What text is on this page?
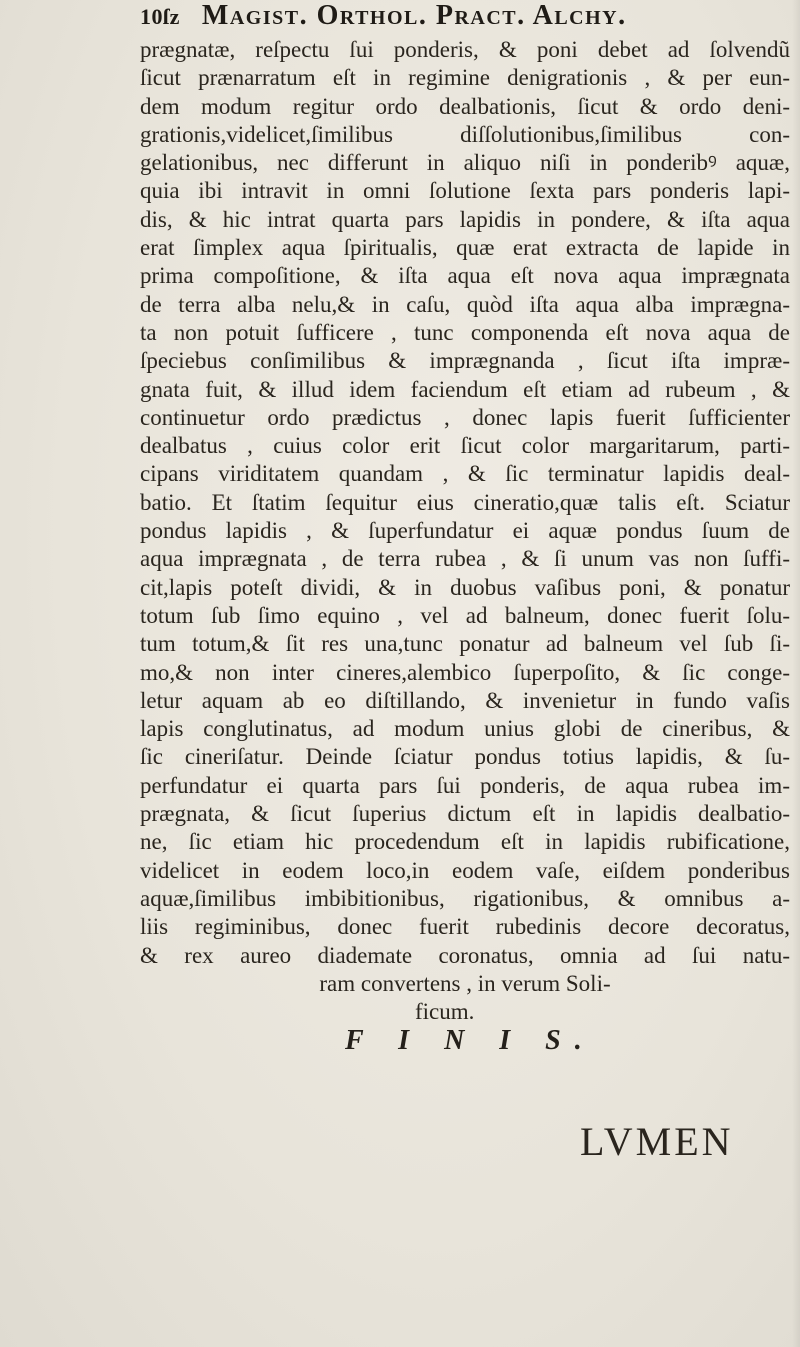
10ſz Magist. Orthol. Pract. Alchy.
prægnatæ, reſpectu ſui ponderis, & poni debet ad ſolvendũ
ſicut prænarratum eſt in regimine denigrationis , & per eun-
dem modum regitur ordo dealbationis, ſicut & ordo deni-
grationis,videlicet,ſimilibus diſſolutionibus,ſimilibus con-
gelationibus, nec differunt in aliquo niſi in ponderibꝰ aquæ,
quia ibi intravit in omni ſolutione ſexta pars ponderis lapi-
dis, & hic intrat quarta pars lapidis in pondere, & iſta aqua
erat ſimplex aqua ſpiritualis, quæ erat extracta de lapide in
prima compoſitione, & iſta aqua eſt nova aqua imprægnata
de terra alba nelu,& in caſu, quòd iſta aqua alba imprægna-
ta non potuit ſufficere , tunc componenda eſt nova aqua de
ſpeciebus conſimilibus & imprægnanda , ſicut iſta impræ-
gnata fuit, & illud idem faciendum eſt etiam ad rubeum , &
continuetur ordo prædictus , donec lapis fuerit ſufficienter
dealbatus , cuius color erit ſicut color margaritarum, parti-
cipans viriditatem quandam , & ſic terminatur lapidis deal-
batio. Et ſtatim ſequitur eius cineratio,quæ talis eſt. Sciatur
pondus lapidis , & ſuperfundatur ei aquæ pondus ſuum de
aqua imprægnata , de terra rubea , & ſi unum vas non ſuffi-
cit,lapis poteſt dividi, & in duobus vaſibus poni, & ponatur
totum ſub ſimo equino , vel ad balneum, donec fuerit ſolu-
tum totum,& ſit res una,tunc ponatur ad balneum vel ſub ſi-
mo,& non inter cineres,alembico ſuperpoſito, & ſic conge-
letur aquam ab eo diſtillando, & invenietur in fundo vaſis
lapis conglutinatus, ad modum unius globi de cineribus, &
ſic cineriſatur. Deinde ſciatur pondus totius lapidis, & ſu-
perfundatur ei quarta pars ſui ponderis, de aqua rubea im-
prægnata, & ſicut ſuperius dictum eſt in lapidis dealbatio-
ne, ſic etiam hic procedendum eſt in lapidis rubificatione,
videlicet in eodem loco,in eodem vaſe, eiſdem ponderibus
aquæ,ſimilibus imbibitionibus, rigationibus, & omnibus a-
liis regiminibus, donec fuerit rubedinis decore decoratus,
& rex aureo diademate coronatus, omnia ad ſui natu-
ram convertens , in verum Soli-
ficum.
F I N I S.
LVMEN
